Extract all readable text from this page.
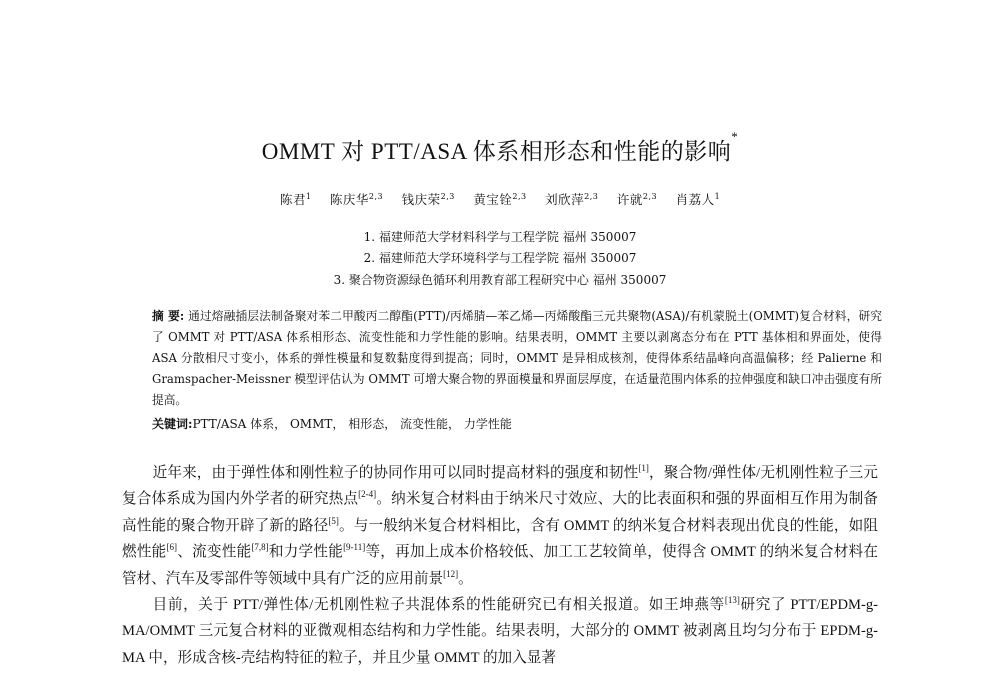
OMMT 对 PTT/ASA 体系相形态和性能的影响*
陈君$^1$ 陈庆华$^{2,3}$ 钱庆荣$^{2,3}$ 黄宝铨$^{2,3}$ 刘欣萍$^{2,3}$ 许就$^{2,3}$ 肖荔人$^1$
1. 福建师范大学材料科学与工程学院 福州 350007
2. 福建师范大学环境科学与工程学院 福州 350007
3. 聚合物资源绿色循环利用教育部工程研究中心 福州 350007
摘 要: 通过熔融插层法制备聚对苯二甲酸丙二醇酯(PTT)/丙烯腈—苯乙烯—丙烯酸酯三元共聚物(ASA)/有机蒙脱土(OMMT)复合材料，研究了 OMMT 对 PTT/ASA 体系相形态、流变性能和力学性能的影响。结果表明，OMMT 主要以剥离态分布在 PTT 基体相和界面处，使得 ASA 分散相尺寸变小，体系的弹性模量和复数黏度得到提高；同时，OMMT 是异相成核剂，使得体系结晶峰向高温偏移；经 Palierne 和 Gramspacher-Meissner 模型评估认为 OMMT 可增大聚合物的界面模量和界面层厚度，在适量范围内体系的拉伸强度和缺口冲击强度有所提高。
关键词:PTT/ASA 体系， OMMT， 相形态， 流变性能， 力学性能

近年来，由于弹性体和刚性粒子的协同作用可以同时提高材料的强度和韧性[1]，聚合物/弹性体/无机刚性粒子三元复合体系成为国内外学者的研究热点[2-4]。纳米复合材料由于纳米尺寸效应、大的比表面积和强的界面相互作用为制备高性能的聚合物开辟了新的路径[5]。与一般纳米复合材料相比，含有 OMMT 的纳米复合材料表现出优良的性能，如阻燃性能[6]、流变性能[7,8]和力学性能[9-11]等，再加上成本价格较低、加工工艺较简单，使得含 OMMT 的纳米复合材料在管材、汽车及零部件等领域中具有广泛的应用前景[12]。

目前，关于 PTT/弹性体/无机刚性粒子共混体系的性能研究已有相关报道。如王坤燕等[13]研究了 PTT/EPDM-g-MA/OMMT 三元复合材料的亚微观相态结构和力学性能。结果表明，大部分的 OMMT 被剥离且均匀分布于 EPDM-g-MA 中，形成含核-壳结构特征的粒子，并且少量 OMMT 的加入显著
